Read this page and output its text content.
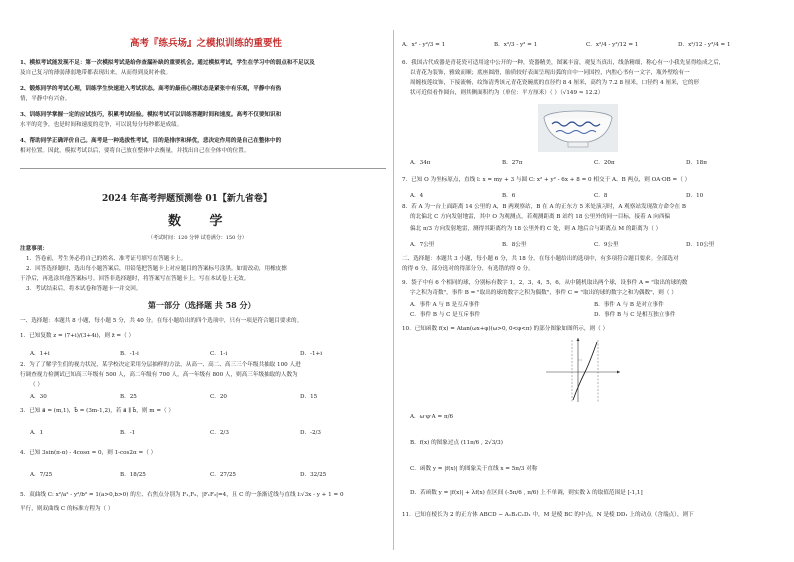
高考『练兵场』之模拟训练的重要性
1、模拟考试能发现不足：第一次模拟考试是给你查漏补缺的重要机会。通过模拟考试，学生在学习中的弱点和不足以及
及自己复习的薄弱薄弱地带都表现出来，从而得到及时补救。
2、锻炼同学的考试心理，训练学生快速进入考试状态。高考的最佳心理状态是紧张中有乐观，平静中有热
情，平静中有兴奋。
3、训练同学掌握一定的应试技巧，积累考试经验。模拟考试可以训练答题时间和速度。高考不仅要知识和
水平的竞争，也是时间和速度的竞争，可以说每分每秒都是成绩。
4、帮助同学正确评价自己。高考是一种选拔性考试，目的是排序和择优，悲决定作用的是自己在整体中的
相对位置。因此，模拟考试以后，要将自己放在整体中去衡量，并找出自己在全体中的位置。
2024 年高考押题预测卷 01【新九省卷】
数 学
（考试时间：120 分钟 试卷满分：150 分）
注意事项：
1．答卷前，考生务必将自己的姓名、准考证号填写在答题卡上。
2．回答选择题时，选出每小题答案后，用铅笔把答题卡上对应题目的答案标号涂黑。如需改动，用橡皮擦
干净后，再选涂其他答案标号。回答非选择题时，将答案写在答题卡上。写在本试卷上无效。
3．考试结束后，将本试卷和答题卡一并交回。
第一部分（选择题 共 58 分）
一、选择题：本题共 8 小题，每小题 5 分，共 40 分。在每小题给出的四个选项中，只有一项是符合题目要求的。
1．已知复数 z = (7+i)/(3+4i)，则 z̄ =（ ）
A．1+i	B．-1-i	C．1-i	D．-1+i
2．为了了解学生们的视力状况，某学校决定采用分层抽样的方法，从高一、高二、高三三个年级共抽取 100 人进
行调查视力检测试已知高三年级有 500 人，高二年级有 700 人，高一年级有 800 人，则高三年级抽取的人数为
（ ）
A．30	B．25	C．20	D．15
3．已知 a⃗ = (m,1)，b⃗ = (3m-1,2)，若 a⃗ ∥ b⃗，则 m =（ ）
A．1	B．-1	C．2/3	D．-2/3
4．已知 3sin(π-α) - 4cosα = 0，则 1-cos2α =（ ）
A．7/25	B．18/25	C．27/25	D．32/25
5．双曲线 C: x²/a² - y²/b² = 1(a>0,b>0) 的左、右焦点分别为 F₁,F₂，|F₁F₂|=4，且 C 的一条渐近线与直线 l:√3x - y + 1 = 0
平行，则双曲线 C 的标准方程为（ ）
A．x² - y²/3 = 1	B．x²/3 - y² = 1	C．x²/4 - y²/12 = 1	D．x²/12 - y²/4 = 1
6．我国古代成器是青花瓷可适用途中公开的一种，瓷器精美，图案丰富，观复当真出，线条精细，称心有一小我先显得绘成之后，
以青花为装饰，雅致而顺；底座圆滑，胎质较好表面呈现出弧的自中一同国控，内腔心书有一文字，瓶外壁绘有一
周缠枝莲纹饰，下接流畅，纹饰清秀该元青花瓷碗底的直径约 8 4 厘米，高约为 7.2 8 厘米，口径约 4 厘米，它的形
状可近似看作圆台，则其侧面积约为（单位：平方厘米）（ ）（√149 ≈ 12.2）
A．34π	B．27π	C．20π	D．18π
7．已知 O 为坐标原点，直线 l: x = my + 3 与圆 C: x² + y² - 6x + 8 = 0 相交于 A、B 两点，则 OA·OB =（ ）
A．4	B．6	C．8	D．10
8．若 A 为一台上面距离 14 公里的 A，B 两观察站，B 在 A 的正东方 5 米处演习时，A 观察站发现敌方命令在 B
的北偏北 C 方向发射地雷，其中 O 为观测点，若观测距离 B 站约 18 公里外的同一目标，接着 A 向西偏
偏北 π/3 方向发射地雷，测得其距离约为 18 公里外的 C 处，则 A 地后合与距离点 M 的距离为（ ）
A．7公里	B．8公里	C．9公里	D．10公里
二、选择题：本题共 3 小题，每小题 6 分，共 18 分。在每小题给出的选项中，有多项符合题目要求。全部选对
的得 6 分，部分选对的得部分分，有选错的得 0 分。
9．袋子中有 6 个相同的球，分别标有数字 1，2，3，4，5，6，从中随机取出两个球，设事件 A = "取出的球的数
字之积为奇数"，事件 B = "取出的球的数字之积为偶数"，事件 C = "取出的球的数字之和为偶数"，则（ ）
A．事件 A 与 B 是互斥事件	B．事件 A 与 B 是对立事件
C．事件 B 与 C 是互斥事件	D．事件 B 与 C 是相互独立事件
10．已知函数 f(x) = Atan(ωx+φ)(ω>0, 0<φ<π) 的部分图象如图所示，则（ ）
A．ω·φ·A = π/6
B．f(x) 的图象过点 (11π/6 , 2√3/3)
C．函数 y = |f(x)| 的图象关于直线 x = 5π/3 对称
D．若函数 y = |f(x)| + λf(x) 在区间 (-5π/6 , π/6) 上不单调，则实数 λ 的取值范围是 [-1,1]
11．已知在棱长为 2 的正方体 ABCD − A₁B₁C₁D₁ 中，M 是棱 BC 的中点，N 是棱 DD₁ 上的动点（含端点），则下
